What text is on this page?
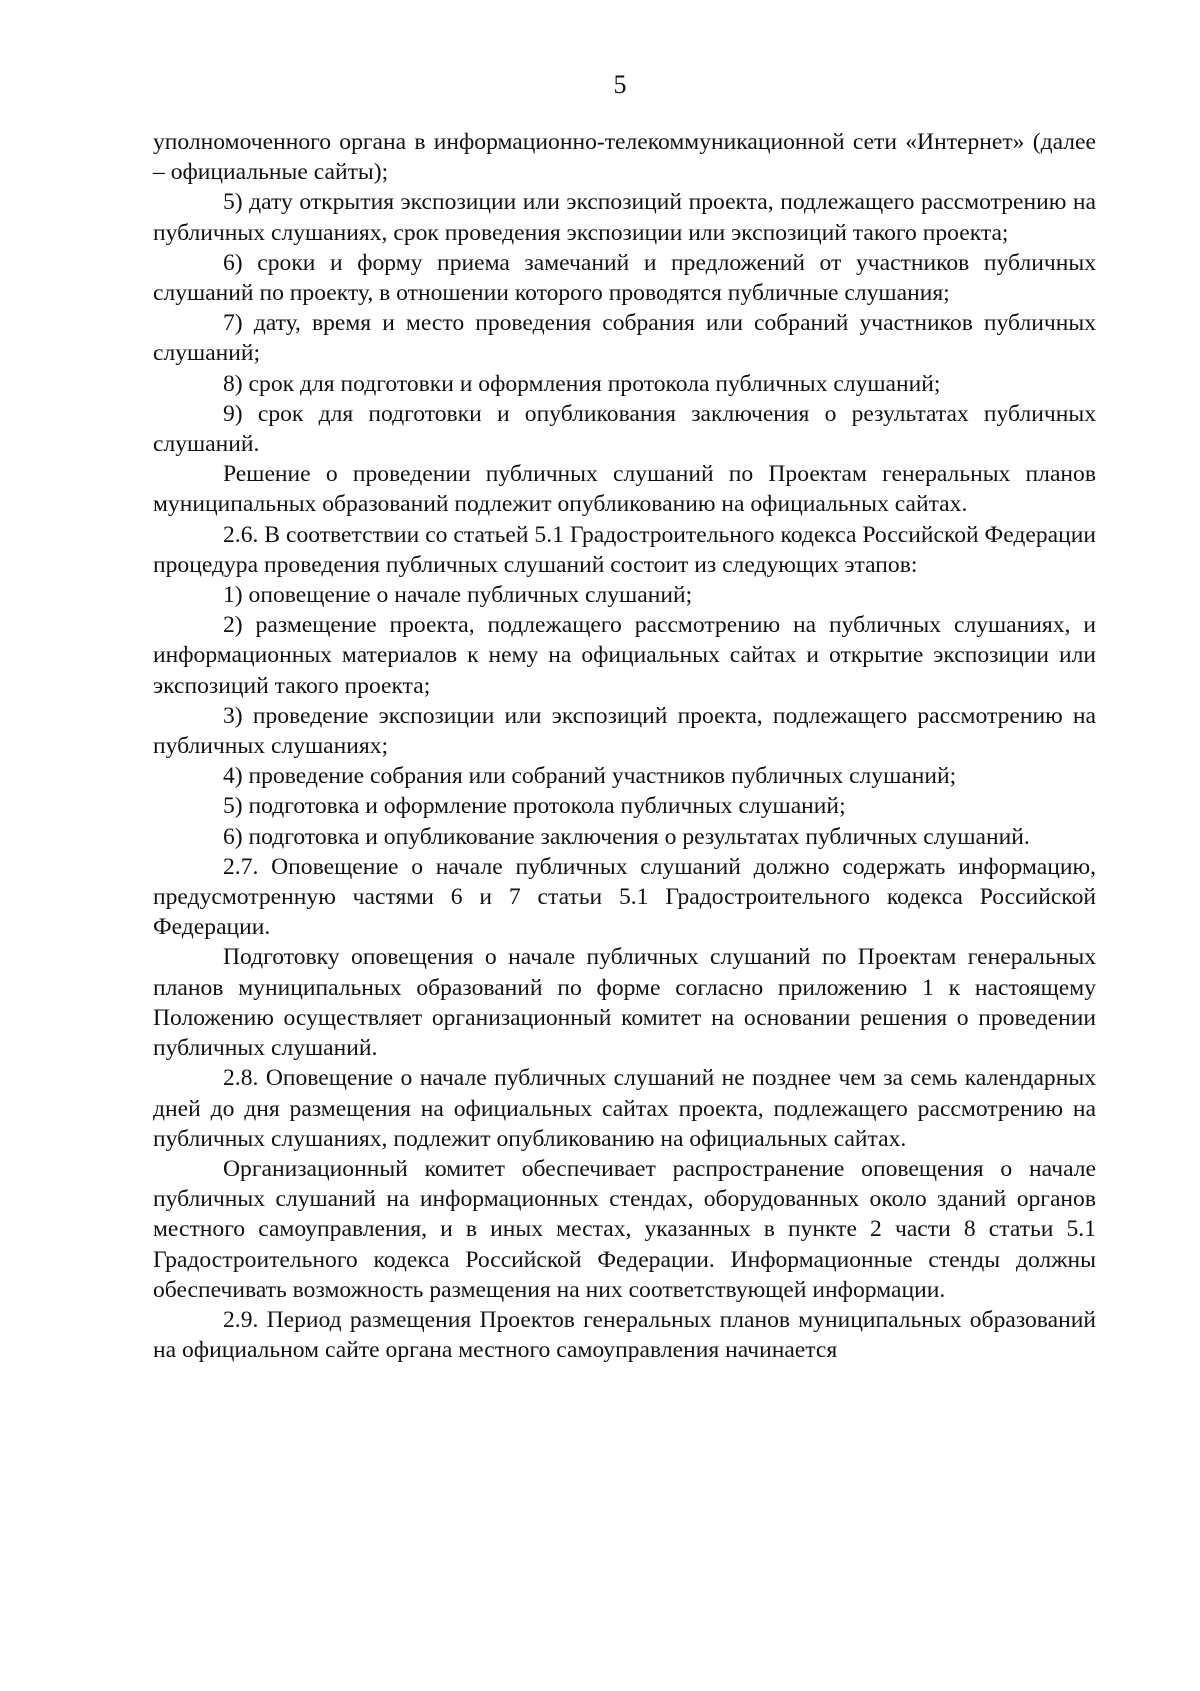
5

уполномоченного органа в информационно-телекоммуникационной сети «Интернет» (далее – официальные сайты);

5) дату открытия экспозиции или экспозиций проекта, подлежащего рассмотрению на публичных слушаниях, срок проведения экспозиции или экспозиций такого проекта;

6) сроки и форму приема замечаний и предложений от участников публичных слушаний по проекту, в отношении которого проводятся публичные слушания;

7) дату, время и место проведения собрания или собраний участников публичных слушаний;

8) срок для подготовки и оформления протокола публичных слушаний;

9) срок для подготовки и опубликования заключения о результатах публичных слушаний.

Решение о проведении публичных слушаний по Проектам генеральных планов муниципальных образований подлежит опубликованию на официальных сайтах.

2.6. В соответствии со статьей 5.1 Градостроительного кодекса Российской Федерации процедура проведения публичных слушаний состоит из следующих этапов:

1) оповещение о начале публичных слушаний;

2) размещение проекта, подлежащего рассмотрению на публичных слушаниях, и информационных материалов к нему на официальных сайтах и открытие экспозиции или экспозиций такого проекта;

3) проведение экспозиции или экспозиций проекта, подлежащего рассмотрению на публичных слушаниях;

4) проведение собрания или собраний участников публичных слушаний;

5) подготовка и оформление протокола публичных слушаний;

6) подготовка и опубликование заключения о результатах публичных слушаний.

2.7. Оповещение о начале публичных слушаний должно содержать информацию, предусмотренную частями 6 и 7 статьи 5.1 Градостроительного кодекса Российской Федерации.

Подготовку оповещения о начале публичных слушаний по Проектам генеральных планов муниципальных образований по форме согласно приложению 1 к настоящему Положению осуществляет организационный комитет на основании решения о проведении публичных слушаний.

2.8. Оповещение о начале публичных слушаний не позднее чем за семь календарных дней до дня размещения на официальных сайтах проекта, подлежащего рассмотрению на публичных слушаниях, подлежит опубликованию на официальных сайтах.

Организационный комитет обеспечивает распространение оповещения о начале публичных слушаний на информационных стендах, оборудованных около зданий органов местного самоуправления, и в иных местах, указанных в пункте 2 части 8 статьи 5.1 Градостроительного кодекса Российской Федерации. Информационные стенды должны обеспечивать возможность размещения на них соответствующей информации.

2.9. Период размещения Проектов генеральных планов муниципальных образований на официальном сайте органа местного самоуправления начинается
